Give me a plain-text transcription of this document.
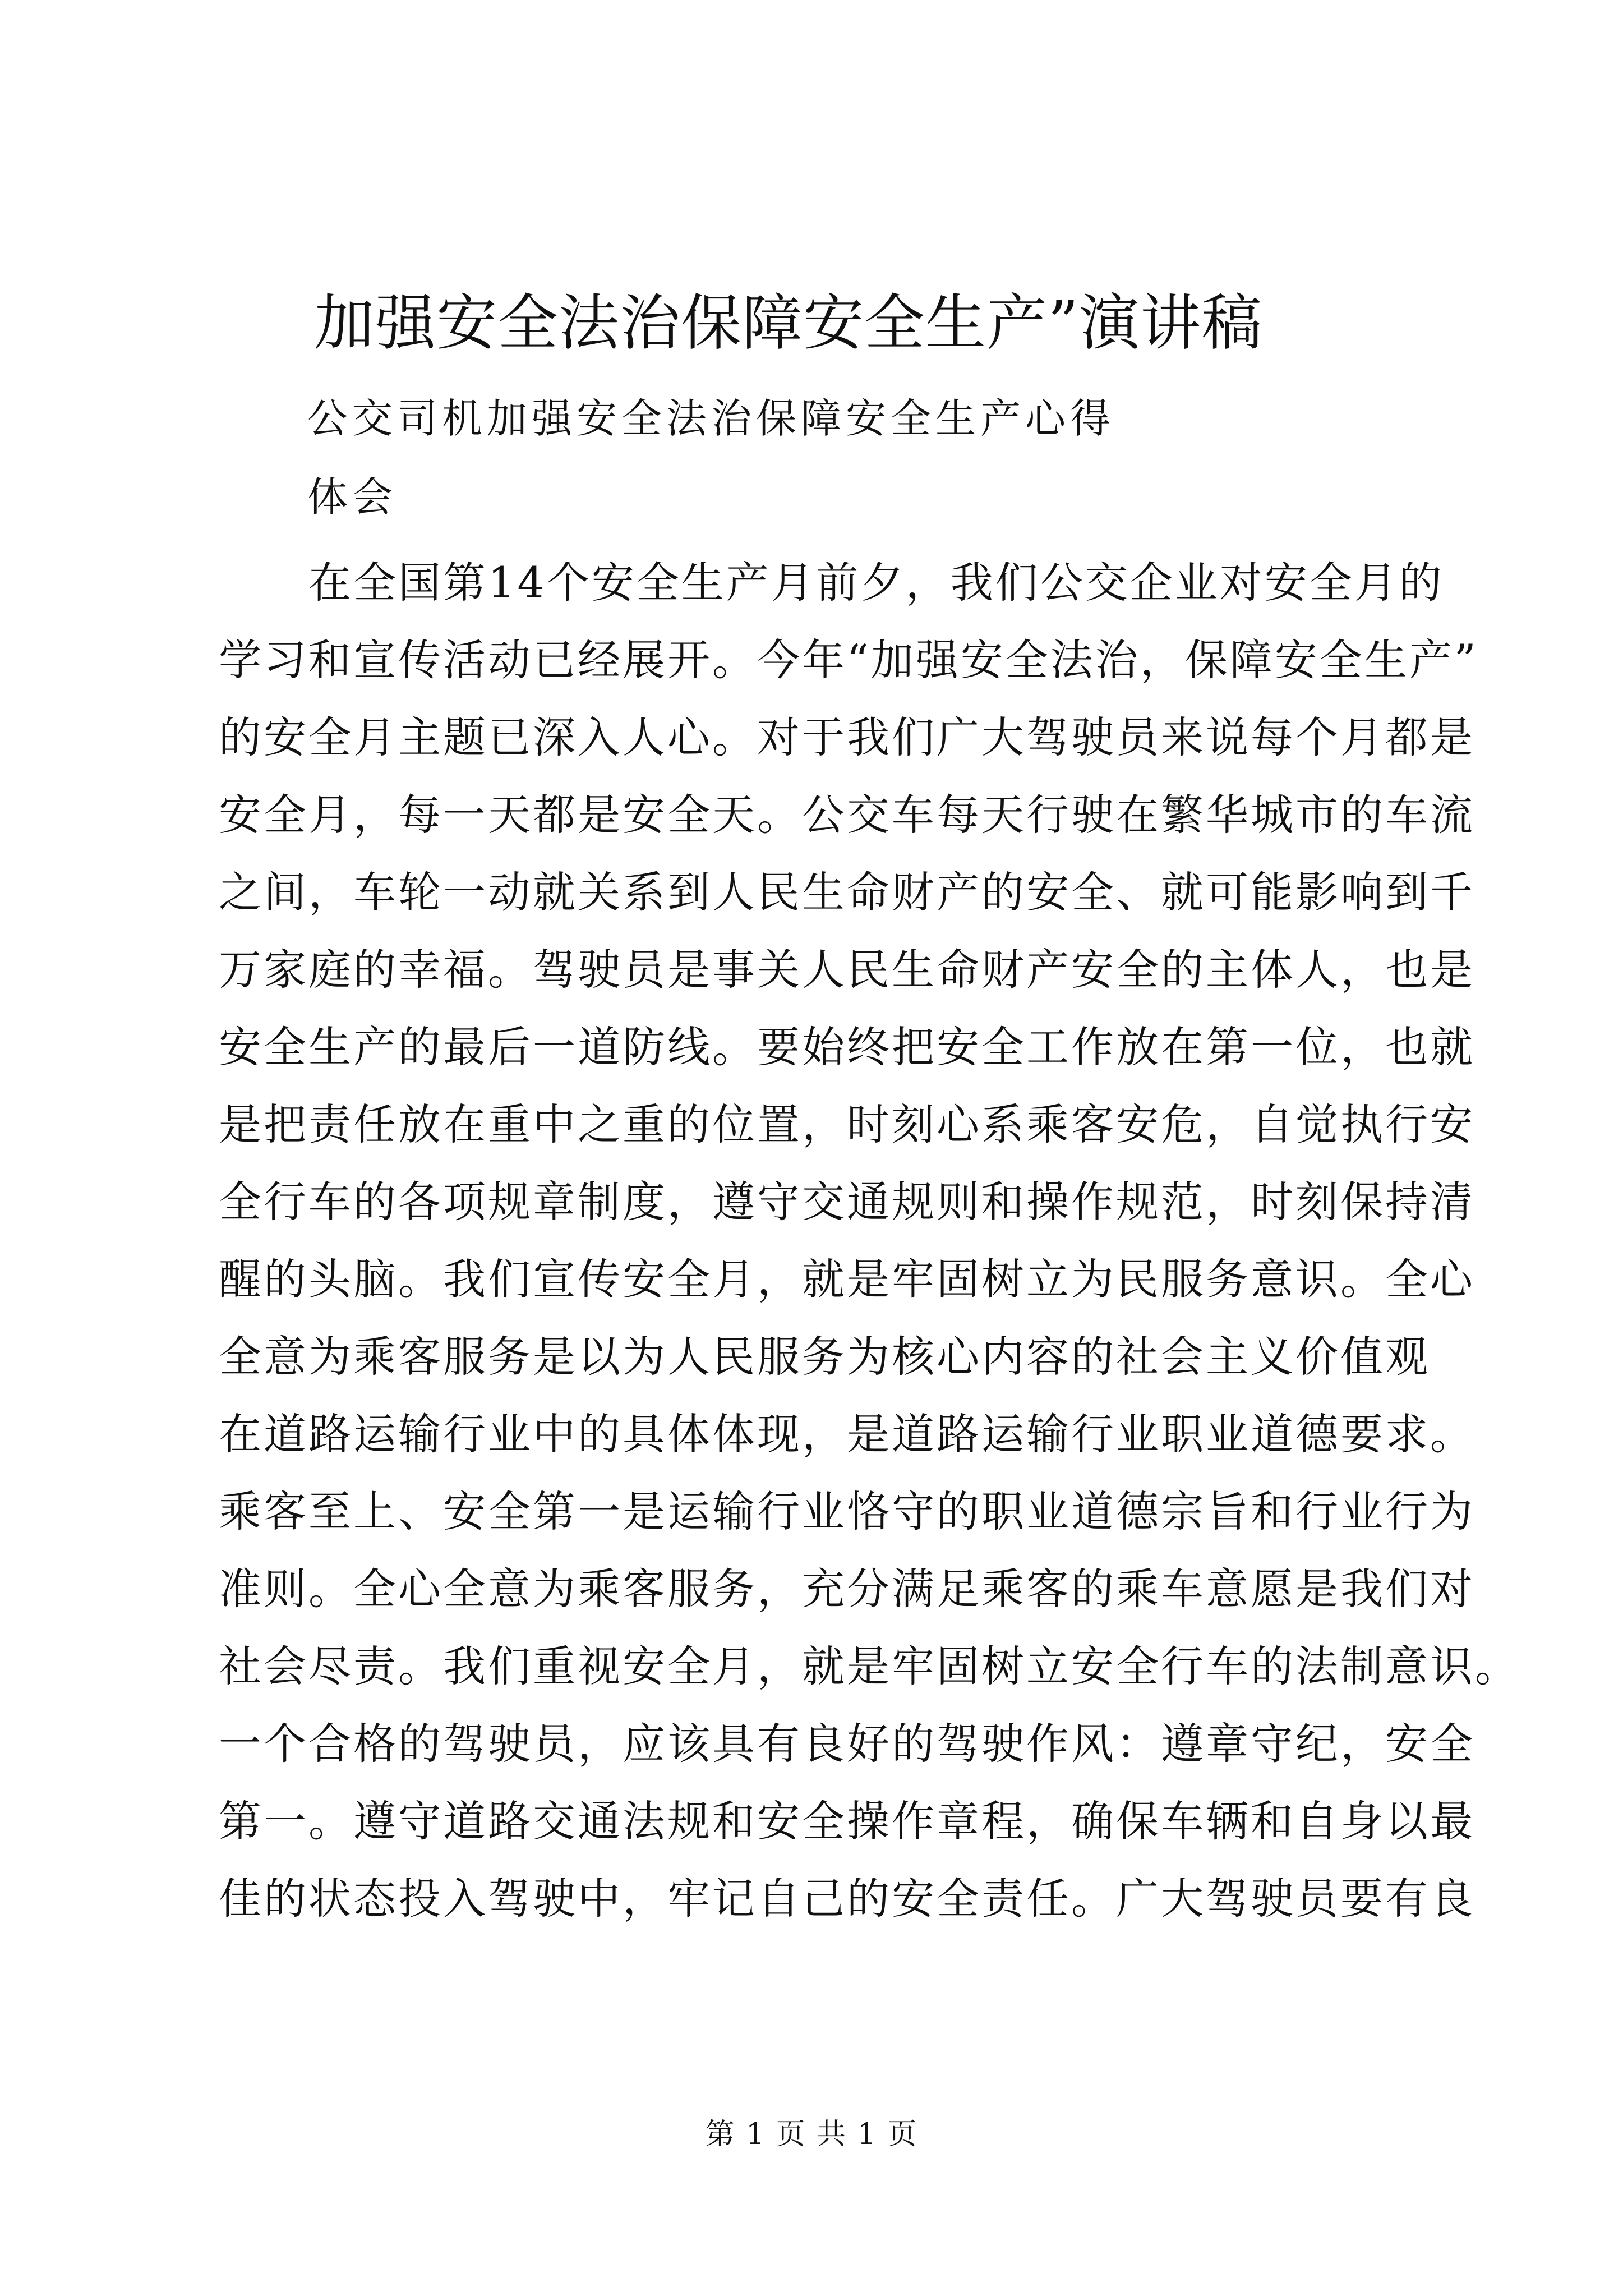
加强安全法治保障安全生产”演讲稿
公交司机加强安全法治保障安全生产心得
体会
　　在全国第14个安全生产月前夕，我们公交企业对安全月的
学习和宣传活动已经展开。今年“加强安全法治，保障安全生产”
的安全月主题已深入人心。对于我们广大驾驶员来说每个月都是
安全月，每一天都是安全天。公交车每天行驶在繁华城市的车流
之间，车轮一动就关系到人民生命财产的安全、就可能影响到千
万家庭的幸福。驾驶员是事关人民生命财产安全的主体人，也是
安全生产的最后一道防线。要始终把安全工作放在第一位，也就
是把责任放在重中之重的位置，时刻心系乘客安危，自觉执行安
全行车的各项规章制度，遵守交通规则和操作规范，时刻保持清
醒的头脑。我们宣传安全月，就是牢固树立为民服务意识。全心
全意为乘客服务是以为人民服务为核心内容的社会主义价值观
在道路运输行业中的具体体现，是道路运输行业职业道德要求。
乘客至上、安全第一是运输行业恪守的职业道德宗旨和行业行为
准则。全心全意为乘客服务，充分满足乘客的乘车意愿是我们对
社会尽责。我们重视安全月，就是牢固树立安全行车的法制意识。
一个合格的驾驶员，应该具有良好的驾驶作风：遵章守纪，安全
第一。遵守道路交通法规和安全操作章程，确保车辆和自身以最
佳的状态投入驾驶中，牢记自己的安全责任。广大驾驶员要有良
第 1 页 共 1 页
